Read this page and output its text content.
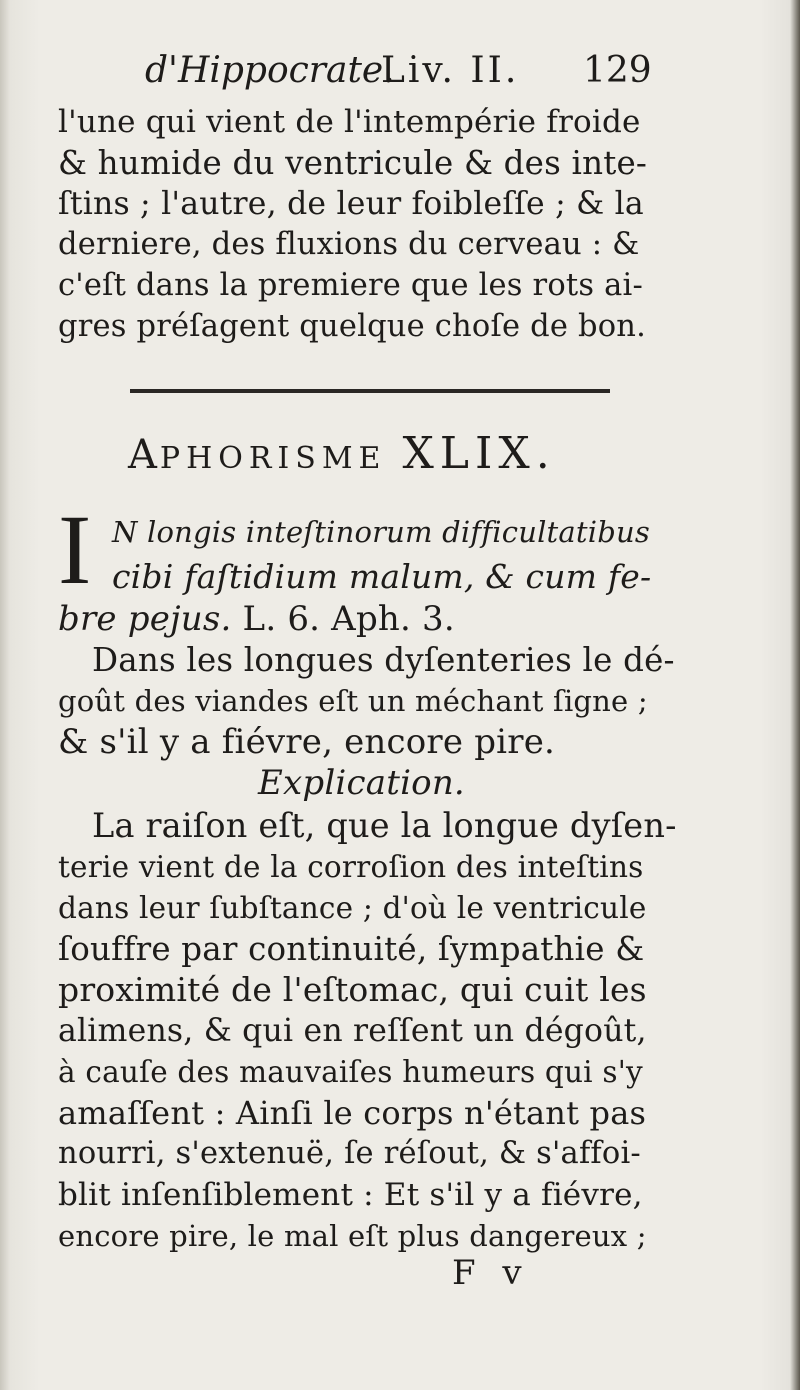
d'Hippocrate.
Liv. II. 129
l'une qui vient de l'intempérie froide
& humide du ventricule & des inte-
ſtins ; l'autre, de leur foibleſſe ; & la
derniere, des fluxions du cerveau : &
c'eſt dans la premiere que les rots ai-
gres préſagent quelque choſe de bon.
APHORISME XLIX.
I N longis inteſtinorum difficultatibus
cibi faſtidium malum, & cum fe-
bre pejus. L. 6. Aph. 3.
Dans les longues dyſenteries le dé-
goût des viandes eſt un méchant ſigne ;
& s'il y a fiévre, encore pire.
Explication.
La raiſon eſt, que la longue dyſen-
terie vient de la corroſion des inteſtins
dans leur ſubſtance ; d'où le ventricule
ſouffre par continuité, ſympathie &
proximité de l'eſtomac, qui cuit les
alimens, & qui en reſſent un dégoût,
à cauſe des mauvaiſes humeurs qui s'y
amaſſent : Ainſi le corps n'étant pas
nourri, s'extenuë, ſe réſout, & s'affoi-
blit inſenſiblement : Et s'il y a fiévre,
encore pire, le mal eſt plus dangereux ;
F v
